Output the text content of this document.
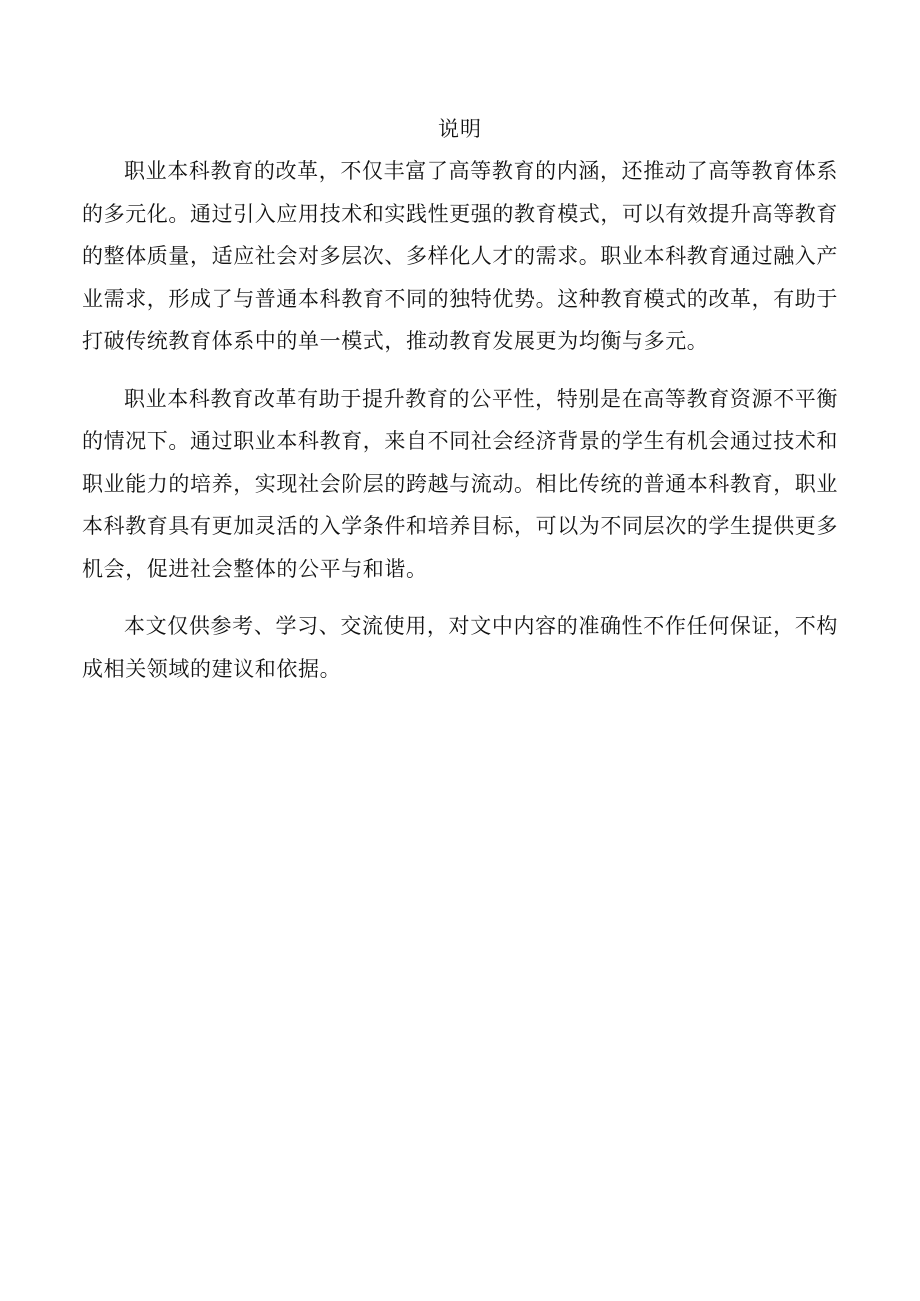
说明

职业本科教育的改革，不仅丰富了高等教育的内涵，还推动了高等教育体系的多元化。通过引入应用技术和实践性更强的教育模式，可以有效提升高等教育的整体质量，适应社会对多层次、多样化人才的需求。职业本科教育通过融入产业需求，形成了与普通本科教育不同的独特优势。这种教育模式的改革，有助于打破传统教育体系中的单一模式，推动教育发展更为均衡与多元。

职业本科教育改革有助于提升教育的公平性，特别是在高等教育资源不平衡的情况下。通过职业本科教育，来自不同社会经济背景的学生有机会通过技术和职业能力的培养，实现社会阶层的跨越与流动。相比传统的普通本科教育，职业本科教育具有更加灵活的入学条件和培养目标，可以为不同层次的学生提供更多机会，促进社会整体的公平与和谐。

本文仅供参考、学习、交流使用，对文中内容的准确性不作任何保证，不构成相关领域的建议和依据。
